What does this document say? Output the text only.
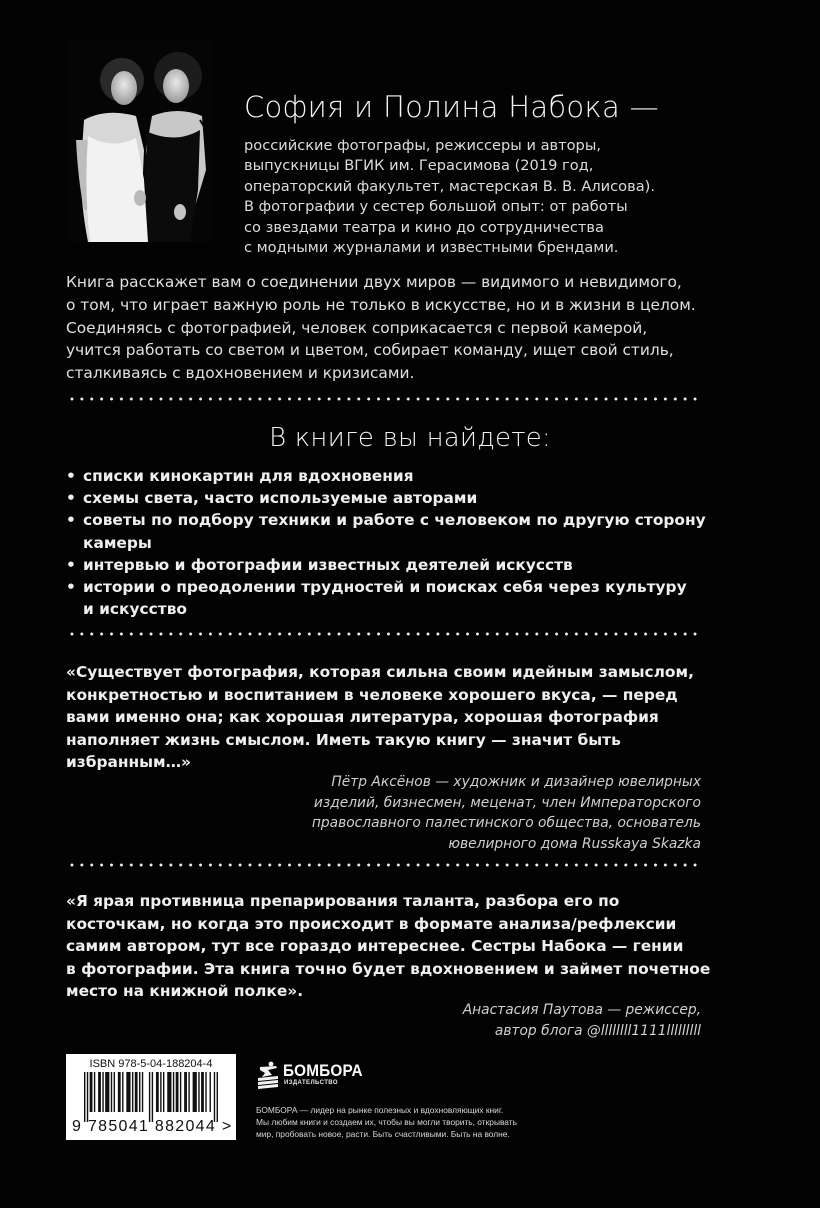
София и Полина Набока —
российские фотографы, режиссеры и авторы,
выпускницы ВГИК им. Герасимова (2019 год,
операторский факультет, мастерская В. В. Алисова).
В фотографии у сестер большой опыт: от работы
со звездами театра и кино до сотрудничества
с модными журналами и известными брендами.
Книга расскажет вам о соединении двух миров — видимого и невидимого,
о том, что играет важную роль не только в искусстве, но и в жизни в целом.
Соединяясь с фотографией, человек соприкасается с первой камерой,
учится работать со светом и цветом, собирает команду, ищет свой стиль,
сталкиваясь с вдохновением и кризисами.
В книге вы найдете:
• списки кинокартин для вдохновения
• схемы света, часто используемые авторами
• советы по подбору техники и работе с человеком по другую сторону
камеры
• интервью и фотографии известных деятелей искусств
• истории о преодолении трудностей и поисках себя через культуру
и искусство
«Существует фотография, которая сильна своим идейным замыслом,
конкретностью и воспитанием в человеке хорошего вкуса, — перед
вами именно она; как хорошая литература, хорошая фотография
наполняет жизнь смыслом. Иметь такую книгу — значит быть
избранным…»
Пётр Аксёнов — художник и дизайнер ювелирных
изделий, бизнесмен, меценат, член Императорского
православного палестинского общества, основатель
ювелирного дома Russkaya Skazka
«Я ярая противница препарирования таланта, разбора его по
косточкам, но когда это происходит в формате анализа/рефлексии
самим автором, тут все гораздо интереснее. Сестры Набока — гении
в фотографии. Эта книга точно будет вдохновением и займет почетное
место на книжной полке».
Анастасия Паутова — режиссер,
автор блога @llllllll1111lllllllll
ISBN 978-5-04-188204-4
9 785041 882044 >
БОМБОРА
ИЗДАТЕЛЬСТВО
БОМБОРА — лидер на рынке полезных и вдохновляющих книг.
Мы любим книги и создаем их, чтобы вы могли творить, открывать
мир, пробовать новое, расти. Быть счастливыми. Быть на волне.
